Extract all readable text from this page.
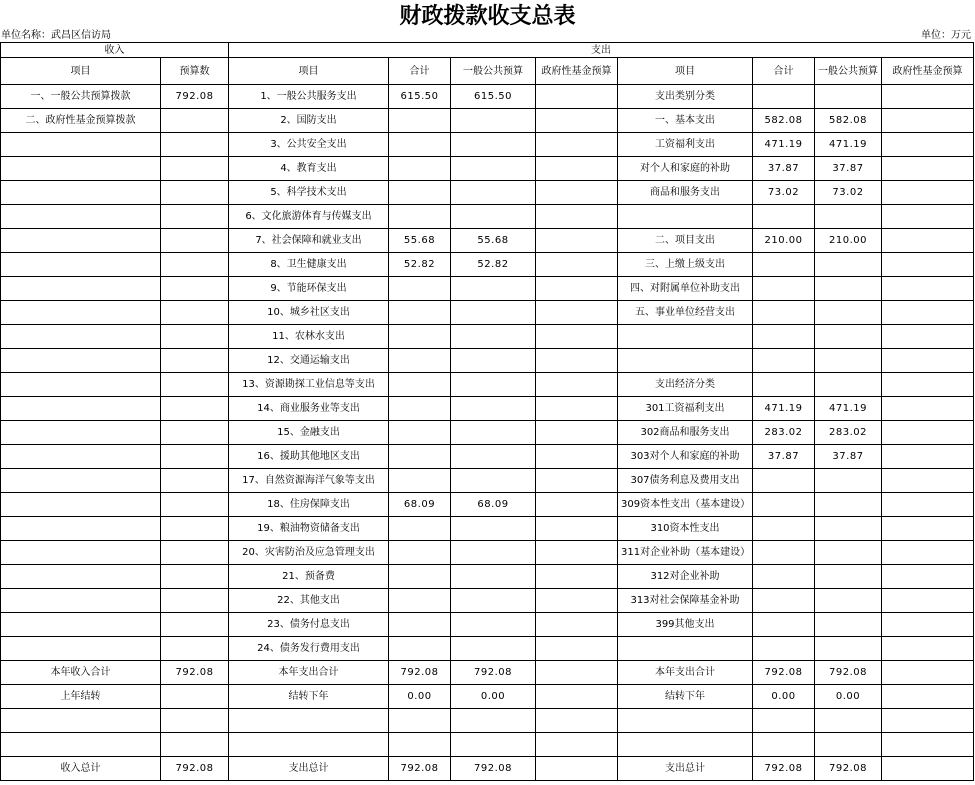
财政拨款收支总表
单位名称：武昌区信访局	单位：万元
收入		支出							
项目	预算数	项目	合计	一般公共预算	政府性基金预算	项目	合计	一般公共预算	政府性基金预算
一、一般公共预算拨款	792.08	1、一般公共服务支出	615.50	615.50		支出类别分类			
二、政府性基金预算拨款		2、国防支出				一、基本支出	582.08	582.08	
		3、公共安全支出				工资福利支出	471.19	471.19	
		4、教育支出				对个人和家庭的补助	37.87	37.87	
		5、科学技术支出				商品和服务支出	73.02	73.02	
		6、文化旅游体育与传媒支出							
		7、社会保障和就业支出	55.68	55.68		二、项目支出	210.00	210.00	
		8、卫生健康支出	52.82	52.82		三、上缴上级支出			
		9、节能环保支出				四、对附属单位补助支出			
		10、城乡社区支出				五、事业单位经营支出			
		11、农林水支出							
		12、交通运输支出							
		13、资源勘探工业信息等支出				支出经济分类			
		14、商业服务业等支出				301工资福利支出	471.19	471.19	
		15、金融支出				302商品和服务支出	283.02	283.02	
		16、援助其他地区支出				303对个人和家庭的补助	37.87	37.87	
		17、自然资源海洋气象等支出				307债务利息及费用支出			
		18、住房保障支出	68.09	68.09		309资本性支出（基本建设）			
		19、粮油物资储备支出				310资本性支出			
		20、灾害防治及应急管理支出				311对企业补助（基本建设）			
		21、预备费				312对企业补助			
		22、其他支出				313对社会保障基金补助			
		23、债务付息支出				399其他支出			
		24、债务发行费用支出							
本年收入合计	792.08	本年支出合计	792.08	792.08		本年支出合计	792.08	792.08	
上年结转		结转下年	0.00	0.00		结转下年	0.00	0.00	

收入总计	792.08	支出总计	792.08	792.08		支出总计	792.08	792.08	
